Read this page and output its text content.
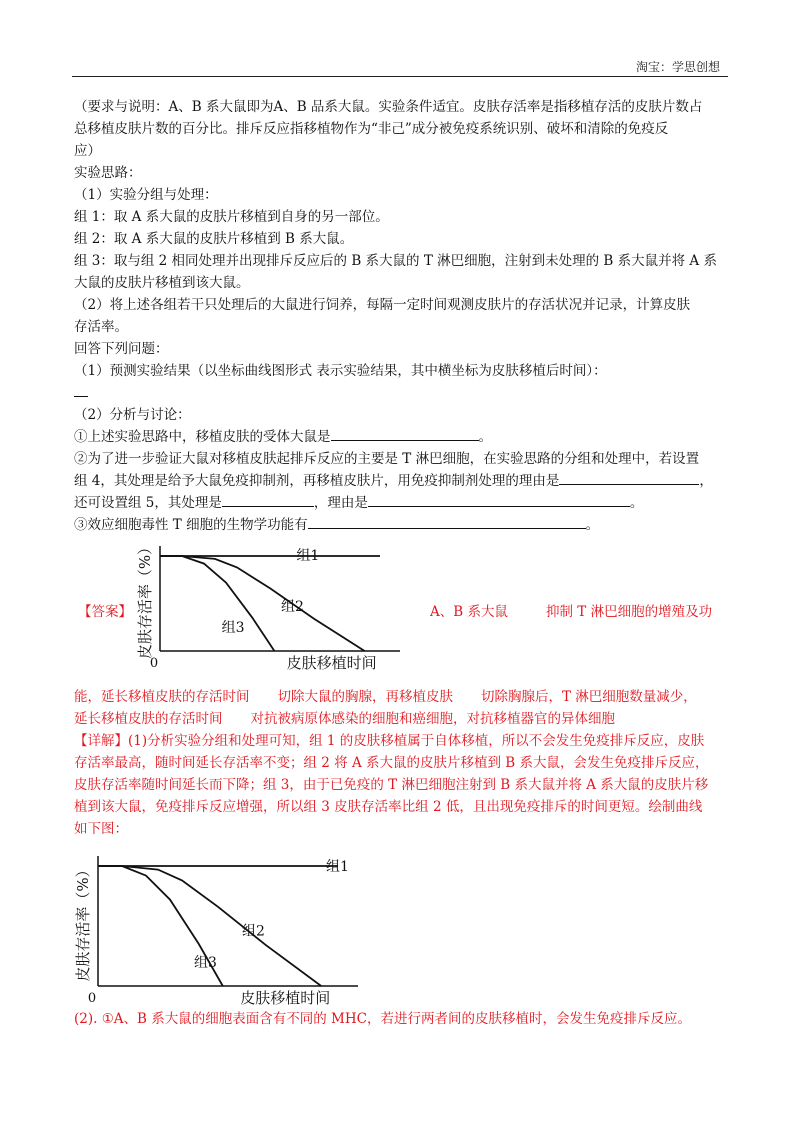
淘宝：学思创想

（要求与说明：A、B 系大鼠即为A、B 品系大鼠。实验条件适宜。皮肤存活率是指移植存活的皮肤片数占

总移植皮肤片数的百分比。排斥反应指移植物作为“非己”成分被免疫系统识别、破坏和清除的免疫反

应）

实验思路：

（1）实验分组与处理：

组 1：取 A 系大鼠的皮肤片移植到自身的另一部位。

组 2：取 A 系大鼠的皮肤片移植到 B 系大鼠。

组 3：取与组 2 相同处理并出现排斥反应后的 B 系大鼠的 T 淋巴细胞，注射到未处理的 B 系大鼠并将 A 系

大鼠的皮肤片移植到该大鼠。

（2）将上述各组若干只处理后的大鼠进行饲养，每隔一定时间观测皮肤片的存活状况并记录，计算皮肤

存活率。

回答下列问题：

（1）预测实验结果（以坐标曲线图形式 表示实验结果，其中横坐标为皮肤移植后时间）：

（2）分析与讨论：

①上述实验思路中，移植皮肤的受体大鼠是	。

②为了进一步验证大鼠对移植皮肤起排斥反应的主要是 T 淋巴细胞，在实验思路的分组和处理中，若设置

组 4，其处理是给予大鼠免疫抑制剂，再移植皮肤片，用免疫抑制剂处理的理由是	，

还可设置组 5，其处理是	，理由是	。

③效应细胞毒性 T 细胞的生物学功能有	。

【答案】
0	皮肤移植时间
皮肤存活率（%）	组1
组2
组3
A、B 系大鼠	抑制 T 淋巴细胞的增殖及功

能，延长移植皮肤的存活时间 切除大鼠的胸腺，再移植皮肤 切除胸腺后，T 淋巴细胞数量减少，

延长移植皮肤的存活时间 对抗被病原体感染的细胞和癌细胞，对抗移植器官的异体细胞

【详解】(1)分析实验分组和处理可知，组 1 的皮肤移植属于自体移植，所以不会发生免疫排斥反应，皮肤

存活率最高，随时间延长存活率不变；组 2 将 A 系大鼠的皮肤片移植到 B 系大鼠，会发生免疫排斥反应，

皮肤存活率随时间延长而下降；组 3，由于已免疫的 T 淋巴细胞注射到 B 系大鼠并将 A 系大鼠的皮肤片移

植到该大鼠，免疫排斥反应增强，所以组 3 皮肤存活率比组 2 低，且出现免疫排斥的时间更短。绘制曲线

如下图：

0	皮肤移植时间
皮肤存活率（%）	组1
组2
组3

(2). ①A、B 系大鼠的细胞表面含有不同的 MHC，若进行两者间的皮肤移植时，会发生免疫排斥反应。
